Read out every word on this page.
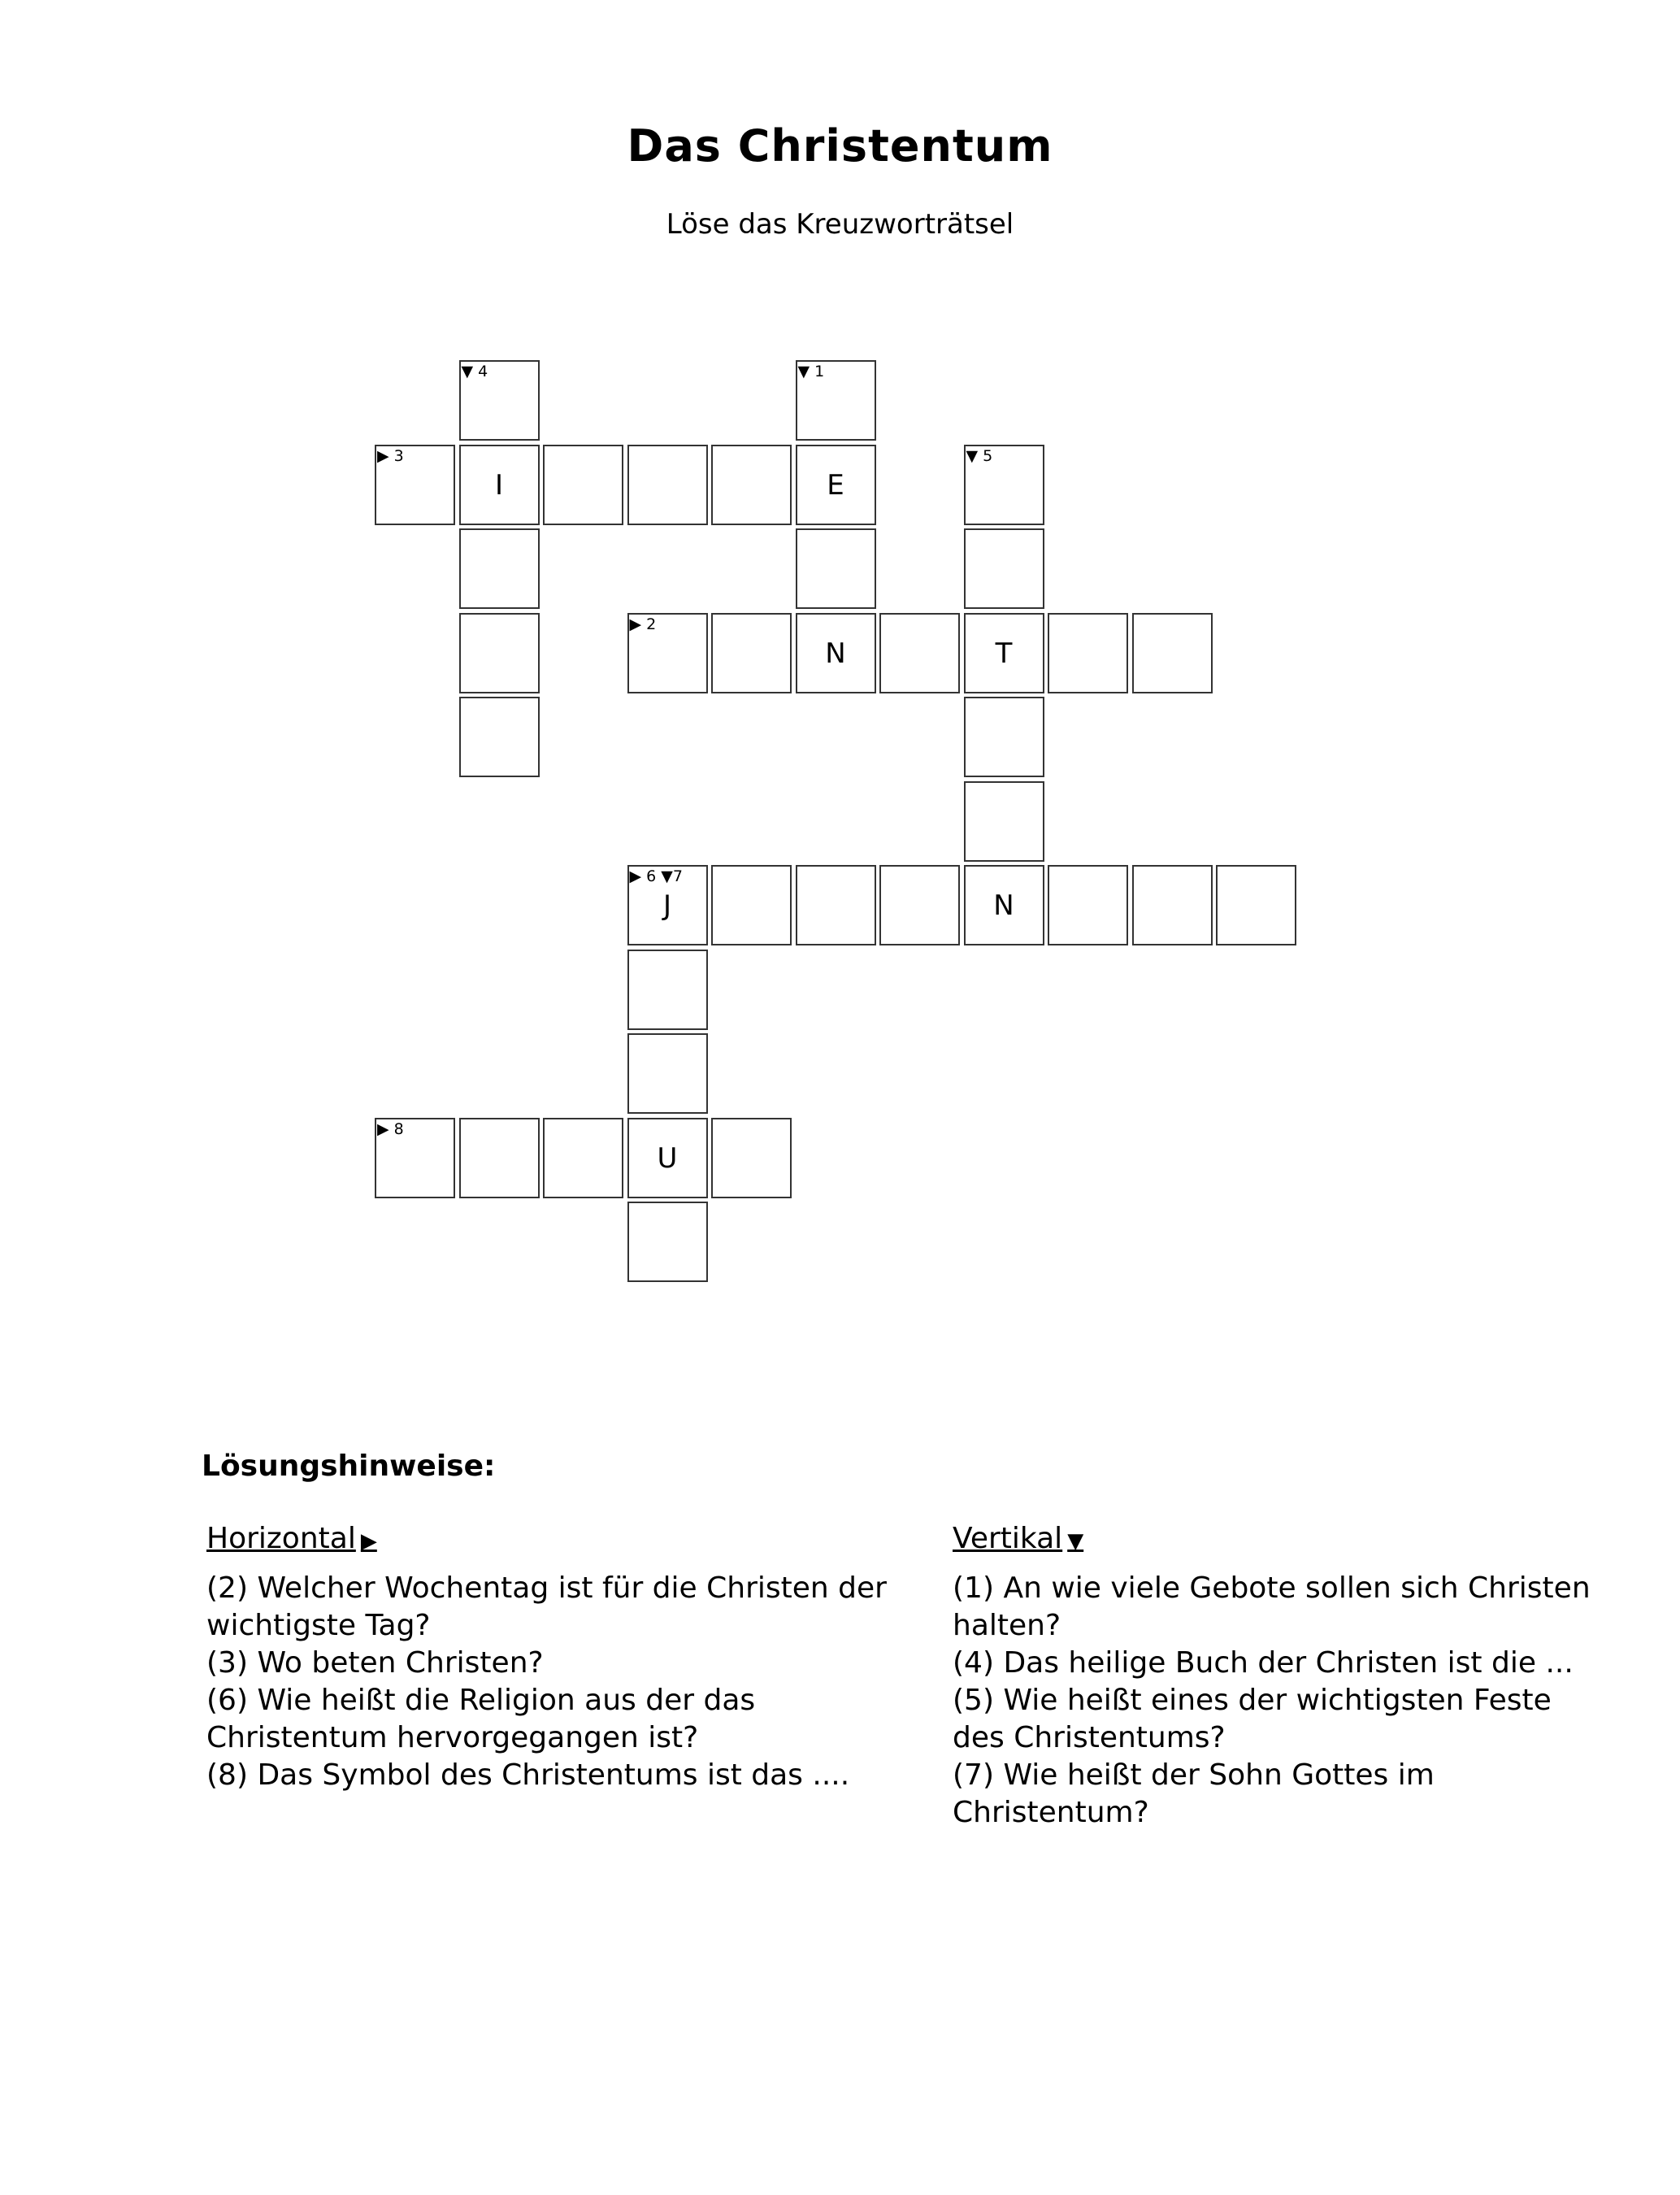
Das Christentum
Löse das Kreuzworträtsel
▼ 4	▼ 1
▶ 3
I	E
▼ 5
▶ 2
N	T
▶ 6 ▼7
J	N
▶ 8
U
Lösungshinweise:
Horizontal ▶

(2) Welcher Wochentag ist für die Christen der wichtigste Tag?

(3) Wo beten Christen?

(6) Wie heißt die Religion aus der das Christentum hervorgegangen ist?

(8) Das Symbol des Christentums ist das ....

Vertikal ▼

(1) An wie viele Gebote sollen sich Christen halten?

(4) Das heilige Buch der Christen ist die ...

(5) Wie heißt eines der wichtigsten Feste des Christentums?

(7) Wie heißt der Sohn Gottes im Christentum?
